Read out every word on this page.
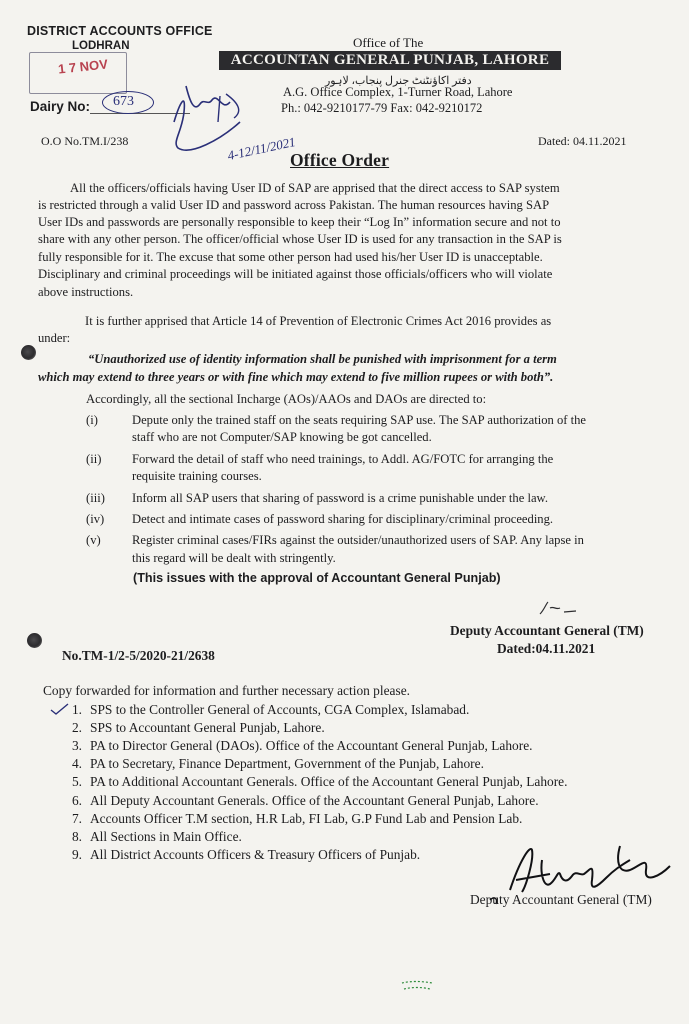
DISTRICT ACCOUNTS OFFICE
LODHRAN
1 7 NOV
Dairy No: 673
4-12/11/2021
Office of The
ACCOUNTAN GENERAL PUNJAB, LAHORE
دفتر اکاؤنٹنٹ جنرل پنجاب، لاہور
A.G. Office Complex, 1-Turner Road, Lahore
Ph.: 042-9210177-79 Fax: 042-9210172
O.O No.TM.I/238	Dated: 04.11.2021
Office Order
All the officers/officials having User ID of SAP are apprised that the direct access to SAP system
is restricted through a valid User ID and password across Pakistan. The human resources having SAP
User IDs and passwords are personally responsible to keep their “Log In” information secure and not to
share with any other person. The officer/official whose User ID is used for any transaction in the SAP is
fully responsible for it. The excuse that some other person had used his/her User ID is unacceptable.
Disciplinary and criminal proceedings will be initiated against those officials/officers who will violate
above instructions.
It is further apprised that Article 14 of Prevention of Electronic Crimes Act 2016 provides as
under:
“Unauthorized use of identity information shall be punished with imprisonment for a term
which may extend to three years or with fine which may extend to five million rupees or with both”.
Accordingly, all the sectional Incharge (AOs)/AAOs and DAOs are directed to:
(i)	Depute only the trained staff on the seats requiring SAP use. The SAP authorization of the
staff who are not Computer/SAP knowing be got cancelled.
(ii) Forward the detail of staff who need trainings, to Addl. AG/FOTC for arranging the
requisite training courses.
(iii) Inform all SAP users that sharing of password is a crime punishable under the law.
(iv) Detect and intimate cases of password sharing for disciplinary/criminal proceeding.
(v) Register criminal cases/FIRs against the outsider/unauthorized users of SAP. Any lapse in
this regard will be dealt with stringently.
(This issues with the approval of Accountant General Punjab)
Deputy Accountant General (TM)
Dated:04.11.2021
No.TM-1/2-5/2020-21/2638
Copy forwarded for information and further necessary action please.
1. SPS to the Controller General of Accounts, CGA Complex, Islamabad.
2. SPS to Accountant General Punjab, Lahore.
3. PA to Director General (DAOs). Office of the Accountant General Punjab, Lahore.
4. PA to Secretary, Finance Department, Government of the Punjab, Lahore.
5. PA to Additional Accountant Generals. Office of the Accountant General Punjab, Lahore.
6. All Deputy Accountant Generals. Office of the Accountant General Punjab, Lahore.
7. Accounts Officer T.M section, H.R Lab, FI Lab, G.P Fund Lab and Pension Lab.
8. All Sections in Main Office.
9. All District Accounts Officers & Treasury Officers of Punjab.
Deputy Accountant General (TM)
